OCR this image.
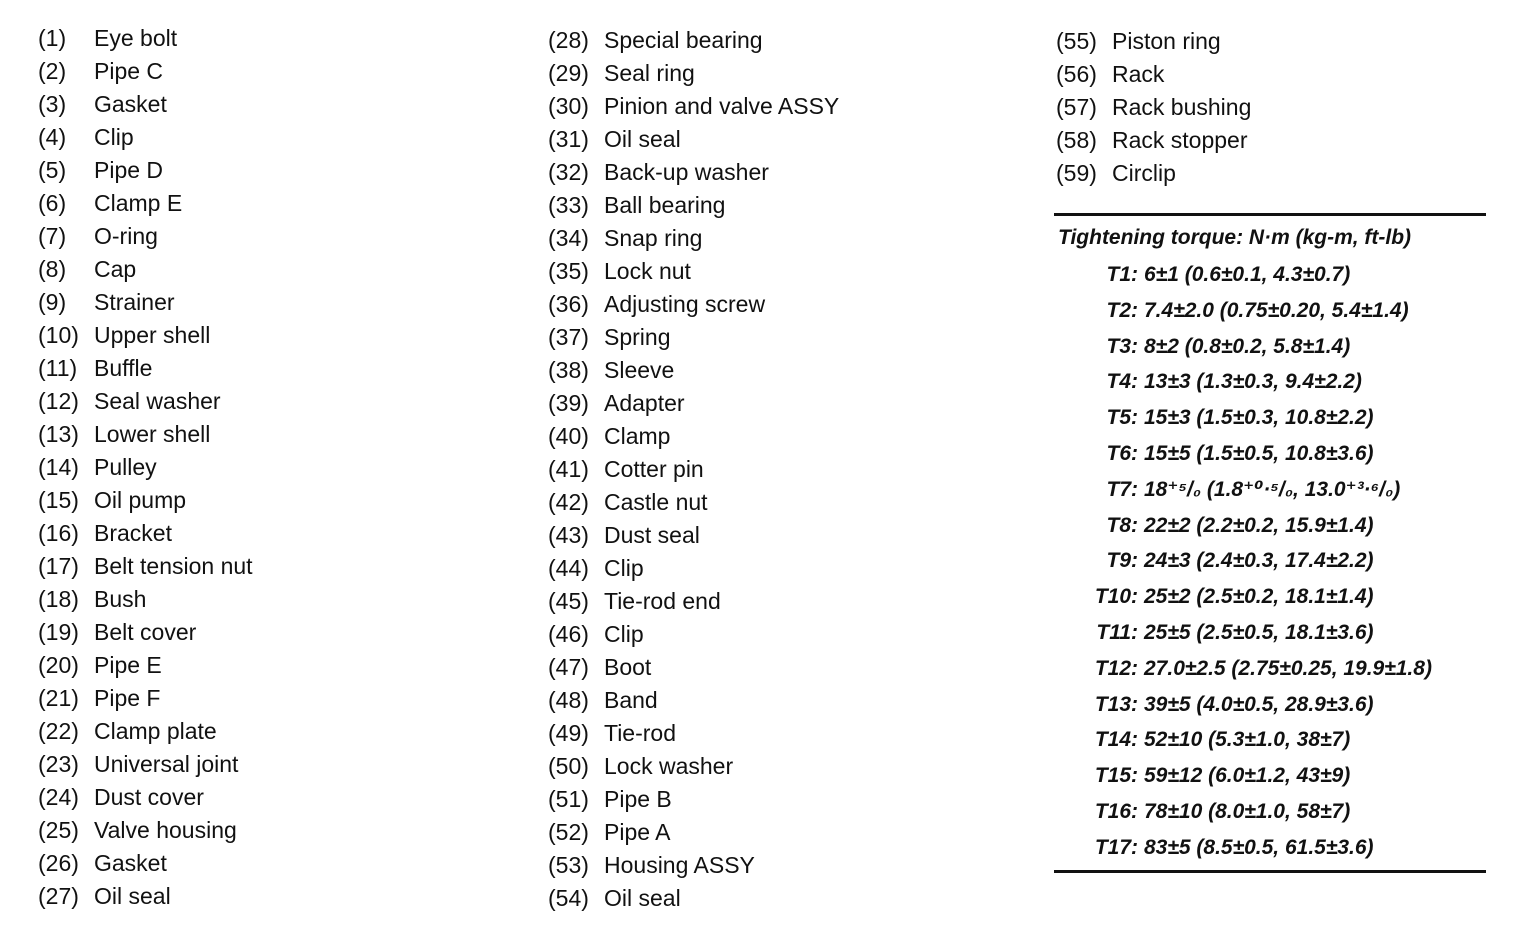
(1)	Eye bolt
(2)	Pipe C
(3)	Gasket
(4)	Clip
(5)	Pipe D
(6)	Clamp E
(7)	O-ring
(8)	Cap
(9)	Strainer
(10) Upper shell
(11) Buffle
(12) Seal washer
(13) Lower shell
(14) Pulley
(15) Oil pump
(16) Bracket
(17) Belt tension nut
(18) Bush
(19) Belt cover
(20) Pipe E
(21) Pipe F
(22) Clamp plate
(23) Universal joint
(24) Dust cover
(25) Valve housing
(26) Gasket
(27) Oil seal
(28) Special bearing
(29) Seal ring
(30) Pinion and valve ASSY
(31) Oil seal
(32) Back-up washer
(33) Ball bearing
(34) Snap ring
(35) Lock nut
(36) Adjusting screw
(37) Spring
(38) Sleeve
(39) Adapter
(40) Clamp
(41) Cotter pin
(42) Castle nut
(43) Dust seal
(44) Clip
(45) Tie-rod end
(46) Clip
(47) Boot
(48) Band
(49) Tie-rod
(50) Lock washer
(51) Pipe B
(52) Pipe A
(53) Housing ASSY
(54) Oil seal
(55) Piston ring
(56) Rack
(57) Rack bushing
(58) Rack stopper
(59) Circlip
Tightening torque: N·m (kg-m, ft-lb)
T1: 6±1 (0.6±0.1, 4.3±0.7)
T2: 7.4±2.0 (0.75±0.20, 5.4±1.4)
T3: 8±2 (0.8±0.2, 5.8±1.4)
T4: 13±3 (1.3±0.3, 9.4±2.2)
T5: 15±3 (1.5±0.3, 10.8±2.2)
T6: 15±5 (1.5±0.5, 10.8±3.6)
T7: 18⁺⁵/₀ (1.8⁺⁰·⁵/₀, 13.0⁺³·⁶/₀)
T8: 22±2 (2.2±0.2, 15.9±1.4)
T9: 24±3 (2.4±0.3, 17.4±2.2)
T10: 25±2 (2.5±0.2, 18.1±1.4)
T11: 25±5 (2.5±0.5, 18.1±3.6)
T12: 27.0±2.5 (2.75±0.25, 19.9±1.8)
T13: 39±5 (4.0±0.5, 28.9±3.6)
T14: 52±10 (5.3±1.0, 38±7)
T15: 59±12 (6.0±1.2, 43±9)
T16: 78±10 (8.0±1.0, 58±7)
T17: 83±5 (8.5±0.5, 61.5±3.6)
